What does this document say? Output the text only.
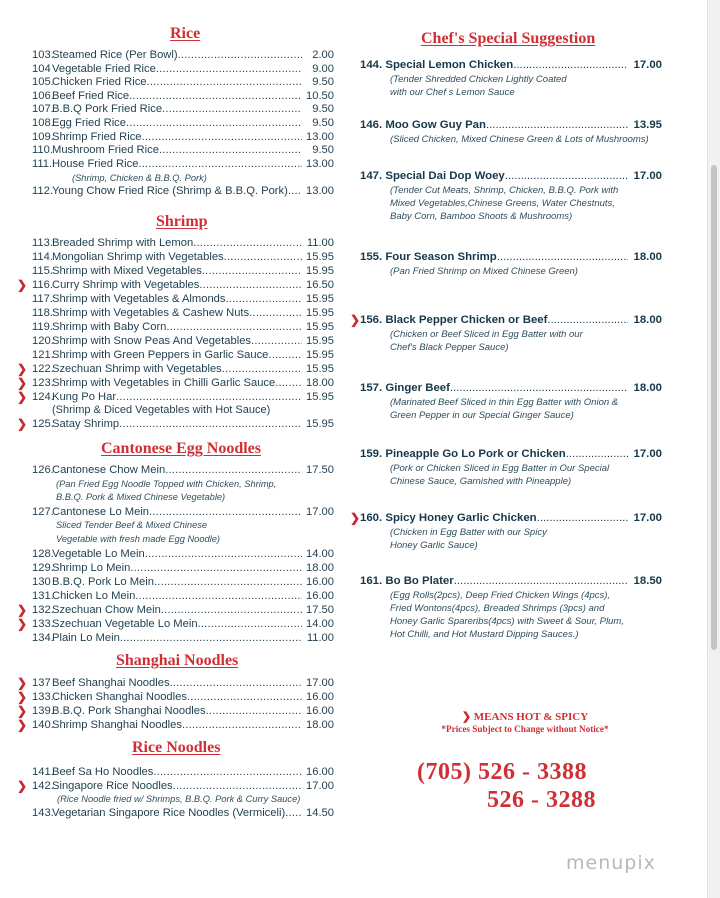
Rice
103.
Steamed Rice (Per Bowl) .....	2.00
104 Vegetable Fried Rice .....	9.00
105.
Chicken Fried Rice .....	9.50
106.
Beef Fried Rice .....	10.50
107.
B.B.Q Pork Fried Rice .....	9.50
108.
Egg Fried Rice .....	9.50
109.
Shrimp Fried Rice .....	13.00
110. Mushroom Fried Rice .....	9.50
111. House Fried Rice .....	13.00
112. Young Chow Fried Rice (Shrimp & B.B.Q. Pork) .....	13.00
(Shrimp, Chicken & B.B.Q. Pork)
Shrimp
113. Breaded Shrimp with Lemon .....	11.00
114. Mongolian Shrimp with Vegetables .....	15.95
115. Shrimp with Mixed Vegetables .....	15.95
116. Curry Shrimp with Vegetables .....	16.50
❯
117. Shrimp with Vegetables & Almonds .....	15.95
118. Shrimp with Vegetables & Cashew Nuts .....	15.95
119. Shrimp with Baby Corn .....	15.95
120.
Shrimp with Snow Peas And Vegetables .....	15.95
121.
Shrimp with Green Peppers in Garlic Sauce .....	15.95
122.
Szechuan Shrimp with Vegetables .....	15.95
❯
123.
Shrimp with Vegetables in Chilli Garlic Sauce .....	18.00
❯
124.
Kung Po Har .....	15.95
❯
(Shrimp & Diced Vegetables with Hot Sauce)
❯ 125.
Satay Shrimp .....	15.95
Cantonese Egg Noodles
126.
Cantonese Chow Mein .....	17.50
127.
Cantonese Lo Mein .....	17.00
128.
Vegetable Lo Mein .....	14.00
129.
Shrimp Lo Mein .....	18.00
130 B.B.Q. Pork Lo Mein .....	16.00
131.
Chicken Lo Mein .....	16.00
132.
Szechuan Chow Mein .....	17.50
❯
133.
Szechuan Vegetable Lo Mein .....	14.00
❯
134.
Plain Lo Mein .....	11.00
(Pan Fried Egg Noodle Topped with Chicken, Shrimp,
B.B.Q. Pork & Mixed Chinese Vegetable)
Sliced Tender Beef & Mixed Chinese
Vegetable with fresh made Egg Noodle)
Shanghai Noodles
137 Beef Shanghai Noodles .....	17.00
❯
133.
Chicken Shanghai Noodles .....	16.00
❯
139.
B.B.Q. Pork Shanghai Noodles .....	16.00
❯
140.
Shrimp Shanghai Noodles .....	18.00
❯
Rice Noodles
141.
Beef Sa Ho Noodles .....	16.00
142.
Singapore Rice Noodles .....	17.00
❯
143.
Vegetarian Singapore Rice Noodles (Vermiceli) .....	14.50
(Rice Noodle fried w/ Shrimps, B.B.Q. Pork & Curry Sauce)
Chef's Special Suggestion
144. Special Lemon Chicken .....	17.00
(Tender Shredded Chicken Lightly Coated
with our Chef s Lemon Sauce
146. Moo Gow Guy Pan .....	13.95
(Sliced Chicken, Mixed Chinese Green & Lots of Mushrooms)
147. Special Dai Dop Woey .....	17.00
(Tender Cut Meats, Shrimp, Chicken, B.B.Q. Pork with
Mixed Vegetables,Chinese Greens, Water Chestnuts,
Baby Corn, Bamboo Shoots & Mushrooms)
155. Four Season Shrimp .....	18.00
(Pan Fried Shrimp on Mixed Chinese Green)
156. Black Pepper Chicken or Beef .....	18.00
❯
(Chicken or Beef Sliced in Egg Batter with our
Chef's Black Pepper Sauce)
157. Ginger Beef .....	18.00
(Marinated Beef Sliced in thin Egg Batter with Onion &
Green Pepper in our Special Ginger Sauce)
159. Pineapple Go Lo Pork or Chicken .....	17.00
(Pork or Chicken Sliced in Egg Batter in Our Special
Chinese Sauce, Garnished with Pineapple)
160. Spicy Honey Garlic Chicken .....	17.00
❯
(Chicken in Egg Batter with our Spicy
Honey Garlic Sauce)
161. Bo Bo Plater .....	18.50
(Egg Rolls(2pcs), Deep Fried Chicken Wings (4pcs),
Fried Wontons(4pcs), Breaded Shrimps (3pcs) and
Honey Garlic Spareribs(4pcs) with Sweet & Sour, Plum,
Hot Chilli, and Hot Mustard Dipping Sauces.)
❯ MEANS HOT & SPICY
*Prices Subject to Change without Notice*
(705) 526 - 3388
526 - 3288
menupix
